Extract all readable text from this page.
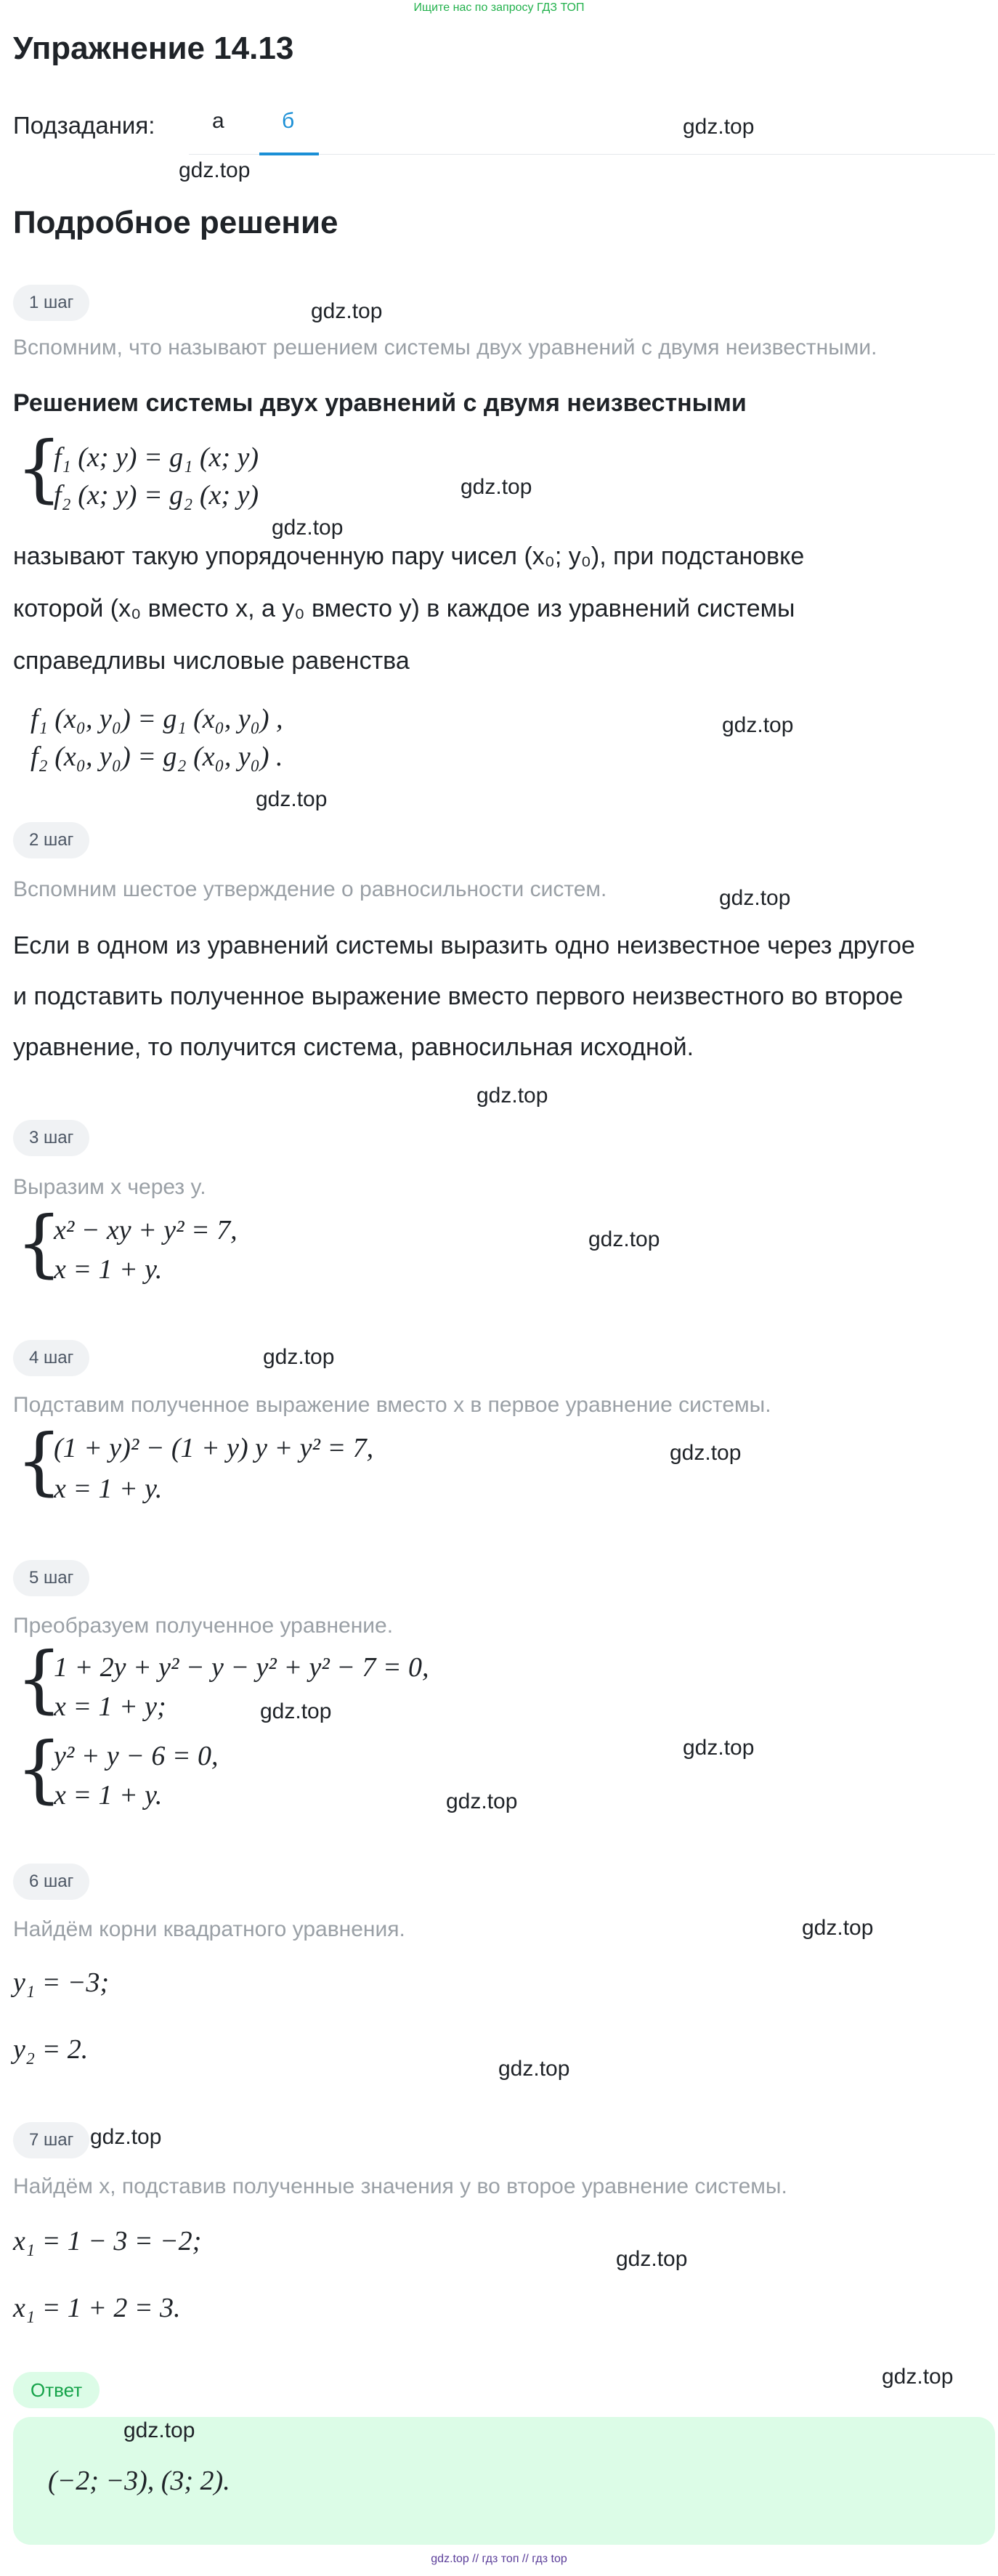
Ищите нас по запросу ГДЗ ТОП
Упражнение 14.13
Подзадания:	а	б	gdz.top
gdz.top
Подробное решение
1 шаг	gdz.top
Вспомним, что называют решением системы двух уравнений с двумя неизвестными.
Решением системы двух уравнений с двумя неизвестными
{
f₁ (x; y) = g₁ (x; y)
f₂ (x; y) = g₂ (x; y)	gdz.top
gdz.top
называют такую упорядоченную пару чисел (x₀; y₀), при подстановке
которой (x₀ вместо x, а y₀ вместо y) в каждое из уравнений системы
справедливы числовые равенства
f₁ (x₀, y₀) = g₁ (x₀, y₀) ,
f₂ (x₀, y₀) = g₂ (x₀, y₀) .
gdz.top
gdz.top
2 шаг
Вспомним шестое утверждение о равносильности систем.	gdz.top
Если в одном из уравнений системы выразить одно неизвестное через другое
и подставить полученное выражение вместо первого неизвестного во второе
уравнение, то получится система, равносильная исходной.
gdz.top
3 шаг
Выразим x через y.
{
x² − xy + y² = 7,
x = 1 + y.
gdz.top
4 шаг	gdz.top
Подставим полученное выражение вместо x в первое уравнение системы.
{
(1 + y)² − (1 + y) y + y² = 7,
x = 1 + y.
gdz.top
5 шаг
Преобразуем полученное уравнение.
{
1 + 2y + y² − y − y² + y² − 7 = 0,
x = 1 + y;	gdz.top
{
y² + y − 6 = 0,
x = 1 + y.
gdz.top
gdz.top
6 шаг
Найдём корни квадратного уравнения.	gdz.top
y₁ = −3;
y₂ = 2.
gdz.top
7 шаг gdz.top
Найдём x, подставив полученные значения y во второе уравнение системы.
x₁ = 1 − 3 = −2;
gdz.top
x₁ = 1 + 2 = 3.
Ответ
gdz.top
gdz.top
(−2; −3), (3; 2).
gdz.top // гдз топ // гдз top
